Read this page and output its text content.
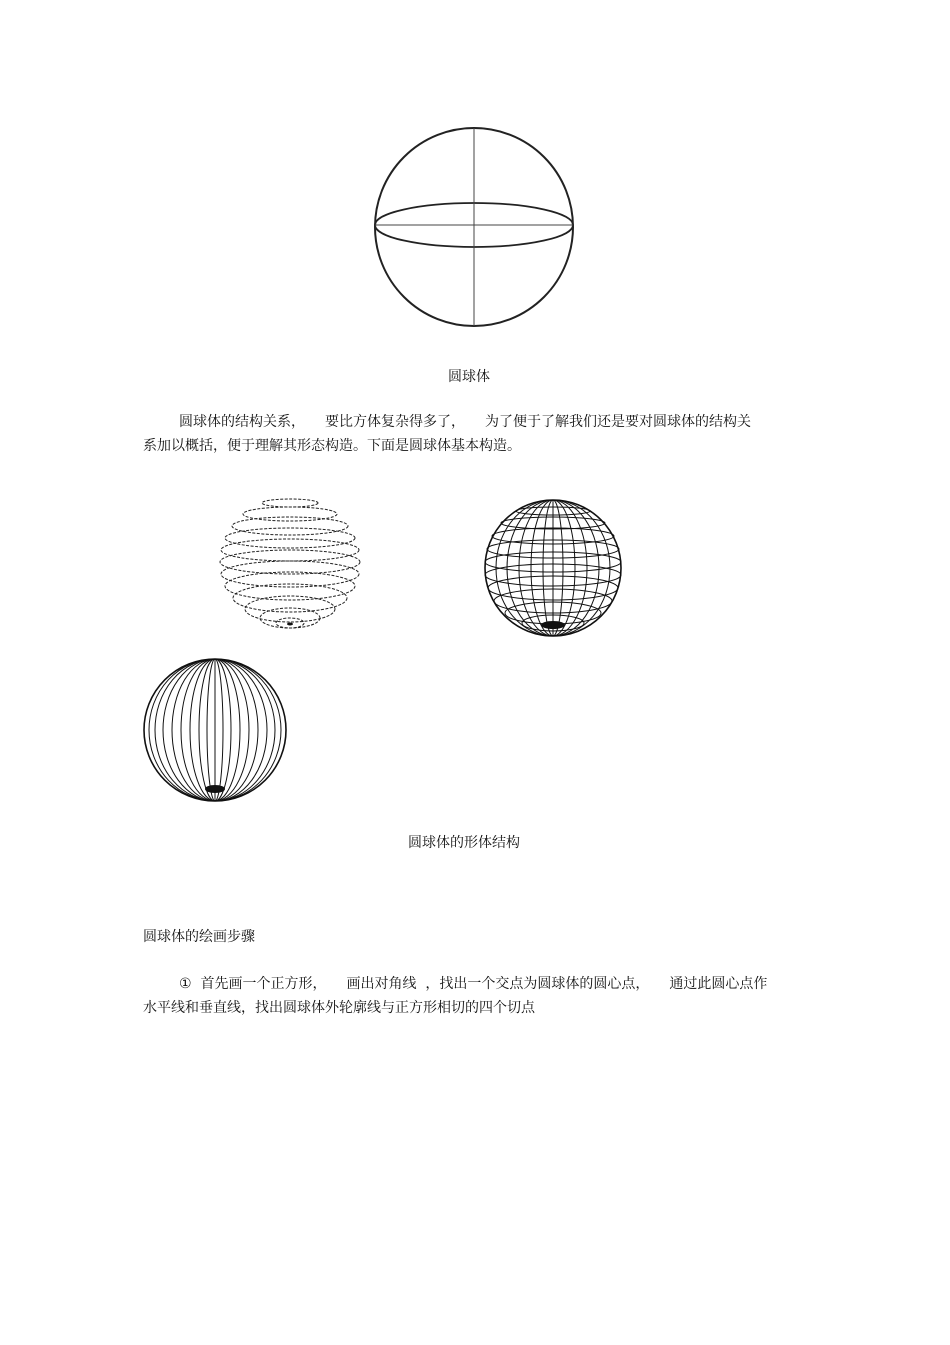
圆球体
圆球体的结构关系， 要比方体复杂得多了， 为了便于了解我们还是要对圆球体的结构关
系加以概括，便于理解其形态构造。下面是圆球体基本构造。
圆球体的形体结构
圆球体的绘画步骤
① 首先画一个正方形， 画出对角线 ，找出一个交点为圆球体的圆心点， 通过此圆心点作
水平线和垂直线，找出圆球体外轮廓线与正方形相切的四个切点
